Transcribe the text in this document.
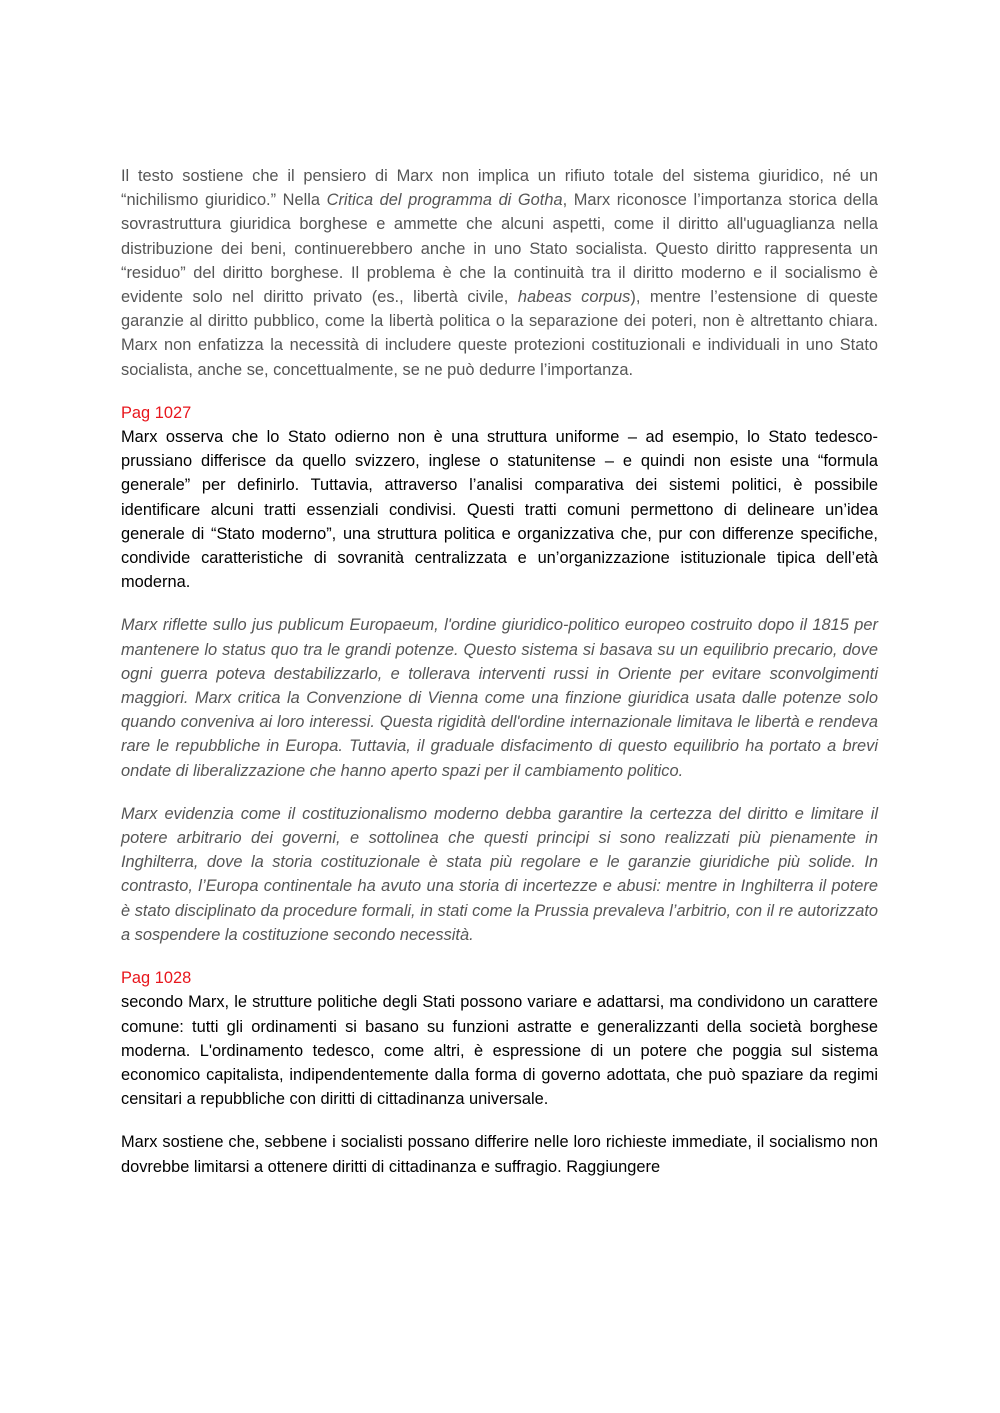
Il testo sostiene che il pensiero di Marx non implica un rifiuto totale del sistema giuridico, né un “nichilismo giuridico.” Nella Critica del programma di Gotha, Marx riconosce l’importanza storica della sovrastruttura giuridica borghese e ammette che alcuni aspetti, come il diritto all'uguaglianza nella distribuzione dei beni, continuerebbero anche in uno Stato socialista. Questo diritto rappresenta un “residuo” del diritto borghese. Il problema è che la continuità tra il diritto moderno e il socialismo è evidente solo nel diritto privato (es., libertà civile, habeas corpus), mentre l’estensione di queste garanzie al diritto pubblico, come la libertà politica o la separazione dei poteri, non è altrettanto chiara. Marx non enfatizza la necessità di includere queste protezioni costituzionali e individuali in uno Stato socialista, anche se, concettualmente, se ne può dedurre l’importanza.

Pag 1027

Marx osserva che lo Stato odierno non è una struttura uniforme – ad esempio, lo Stato tedesco-prussiano differisce da quello svizzero, inglese o statunitense – e quindi non esiste una “formula generale” per definirlo. Tuttavia, attraverso l’analisi comparativa dei sistemi politici, è possibile identificare alcuni tratti essenziali condivisi. Questi tratti comuni permettono di delineare un’idea generale di “Stato moderno”, una struttura politica e organizzativa che, pur con differenze specifiche, condivide caratteristiche di sovranità centralizzata e un’organizzazione istituzionale tipica dell’età moderna.

Marx riflette sullo jus publicum Europaeum, l'ordine giuridico-politico europeo costruito dopo il 1815 per mantenere lo status quo tra le grandi potenze. Questo sistema si basava su un equilibrio precario, dove ogni guerra poteva destabilizzarlo, e tollerava interventi russi in Oriente per evitare sconvolgimenti maggiori. Marx critica la Convenzione di Vienna come una finzione giuridica usata dalle potenze solo quando conveniva ai loro interessi. Questa rigidità dell'ordine internazionale limitava le libertà e rendeva rare le repubbliche in Europa. Tuttavia, il graduale disfacimento di questo equilibrio ha portato a brevi ondate di liberalizzazione che hanno aperto spazi per il cambiamento politico.

Marx evidenzia come il costituzionalismo moderno debba garantire la certezza del diritto e limitare il potere arbitrario dei governi, e sottolinea che questi principi si sono realizzati più pienamente in Inghilterra, dove la storia costituzionale è stata più regolare e le garanzie giuridiche più solide. In contrasto, l’Europa continentale ha avuto una storia di incertezze e abusi: mentre in Inghilterra il potere è stato disciplinato da procedure formali, in stati come la Prussia prevaleva l’arbitrio, con il re autorizzato a sospendere la costituzione secondo necessità.

Pag 1028

secondo Marx, le strutture politiche degli Stati possono variare e adattarsi, ma condividono un carattere comune: tutti gli ordinamenti si basano su funzioni astratte e generalizzanti della società borghese moderna. L'ordinamento tedesco, come altri, è espressione di un potere che poggia sul sistema economico capitalista, indipendentemente dalla forma di governo adottata, che può spaziare da regimi censitari a repubbliche con diritti di cittadinanza universale.

Marx sostiene che, sebbene i socialisti possano differire nelle loro richieste immediate, il socialismo non dovrebbe limitarsi a ottenere diritti di cittadinanza e suffragio. Raggiungere
